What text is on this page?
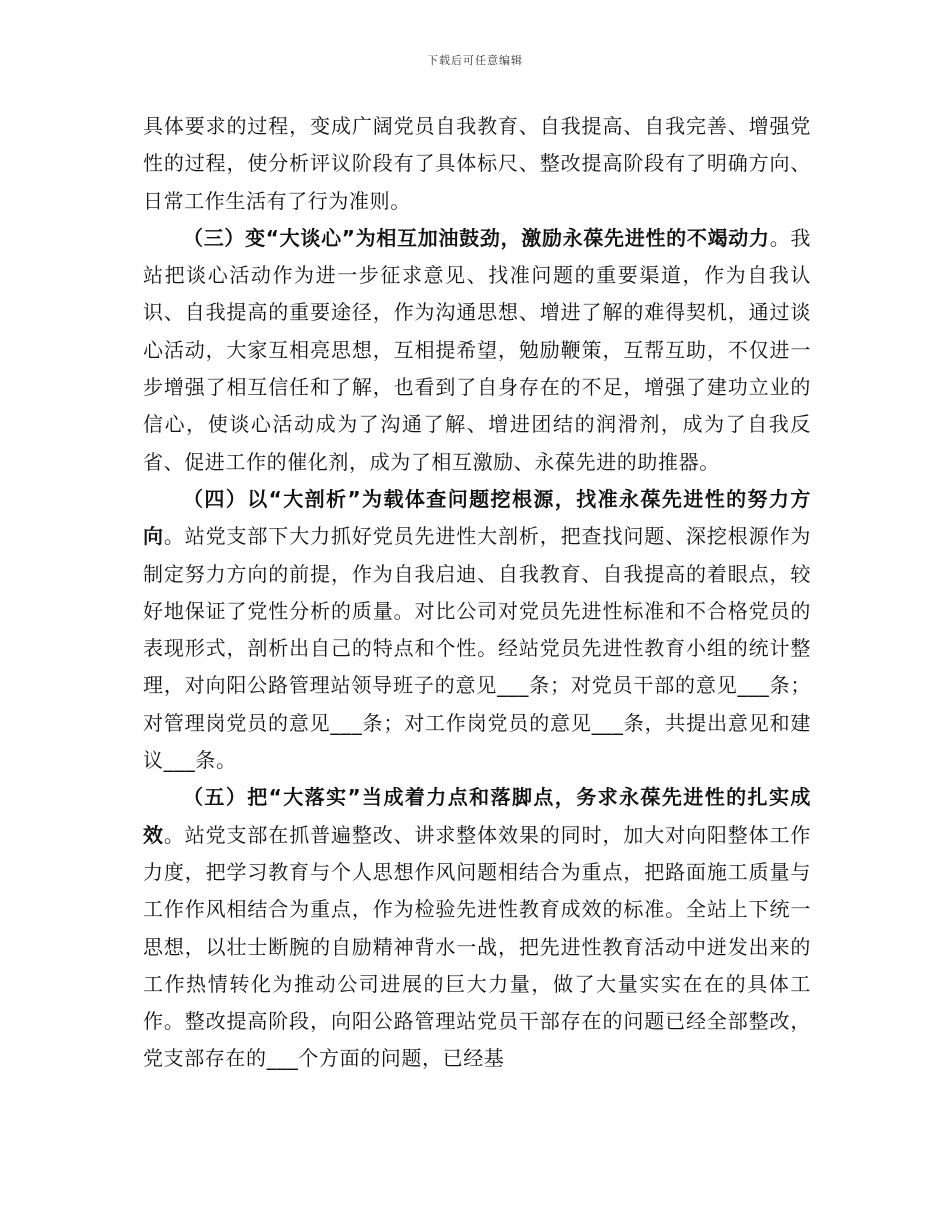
下载后可任意编辑

具体要求的过程，变成广阔党员自我教育、自我提高、自我完善、增强党性的过程，使分析评议阶段有了具体标尺、整改提高阶段有了明确方向、日常工作生活有了行为准则。

（三）变“大谈心”为相互加油鼓劲，激励永葆先进性的不竭动力。我站把谈心活动作为进一步征求意见、找准问题的重要渠道，作为自我认识、自我提高的重要途径，作为沟通思想、增进了解的难得契机，通过谈心活动，大家互相亮思想，互相提希望，勉励鞭策，互帮互助，不仅进一步增强了相互信任和了解，也看到了自身存在的不足，增强了建功立业的信心，使谈心活动成为了沟通了解、增进团结的润滑剂，成为了自我反省、促进工作的催化剂，成为了相互激励、永葆先进的助推器。

（四）以“大剖析”为载体查问题挖根源，找准永葆先进性的努力方向。站党支部下大力抓好党员先进性大剖析，把查找问题、深挖根源作为制定努力方向的前提，作为自我启迪、自我教育、自我提高的着眼点，较好地保证了党性分析的质量。对比公司对党员先进性标准和不合格党员的表现形式，剖析出自己的特点和个性。经站党员先进性教育小组的统计整理，对向阳公路管理站领导班子的意见___条；对党员干部的意见___条；对管理岗党员的意见___条；对工作岗党员的意见___条，共提出意见和建议___条。

（五）把“大落实”当成着力点和落脚点，务求永葆先进性的扎实成效。站党支部在抓普遍整改、讲求整体效果的同时，加大对向阳整体工作力度，把学习教育与个人思想作风问题相结合为重点，把路面施工质量与工作作风相结合为重点，作为检验先进性教育成效的标准。全站上下统一思想，以壮士断腕的自励精神背水一战，把先进性教育活动中迸发出来的工作热情转化为推动公司进展的巨大力量，做了大量实实在在的具体工作。整改提高阶段，向阳公路管理站党员干部存在的问题已经全部整改，党支部存在的___个方面的问题，已经基
